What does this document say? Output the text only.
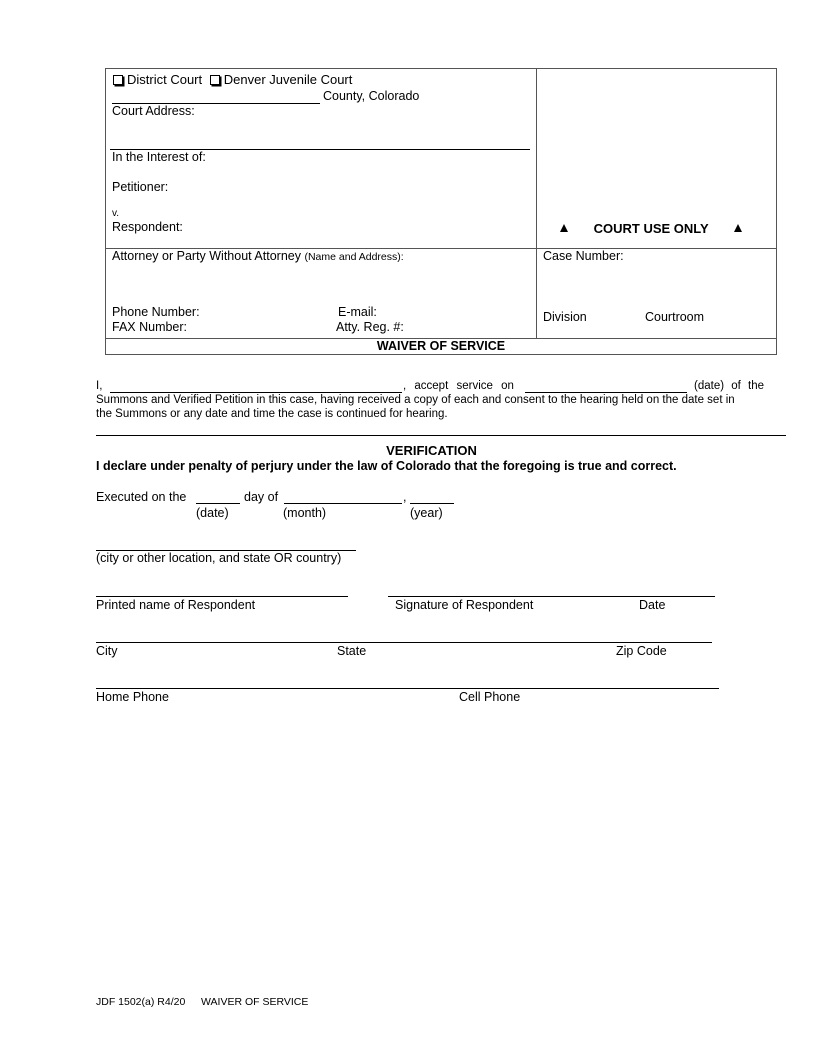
District Court Denver Juvenile Court
County, Colorado
Court Address:
In the Interest of:
Petitioner:
v.
Respondent:	COURT USE ONLY
Attorney or Party Without Attorney (Name and Address):
Phone Number:	E-mail:
FAX Number:	Atty. Reg. #:
Case Number:
Division	Courtroom
WAIVER OF SERVICE
I,	, accept service on	(date) of the
Summons and Verified Petition in this case, having received a copy of each and consent to the hearing held on the date set in
the Summons or any date and time the case is continued for hearing.
VERIFICATION
I declare under penalty of perjury under the law of Colorado that the foregoing is true and correct.
Executed on the	day of	,
(date)	(month)	(year)
(city or other location, and state OR country)
Printed name of Respondent	Signature of Respondent	Date
City	State	Zip Code
Home Phone	Cell Phone
JDF 1502(a) R4/20 WAIVER OF SERVICE
